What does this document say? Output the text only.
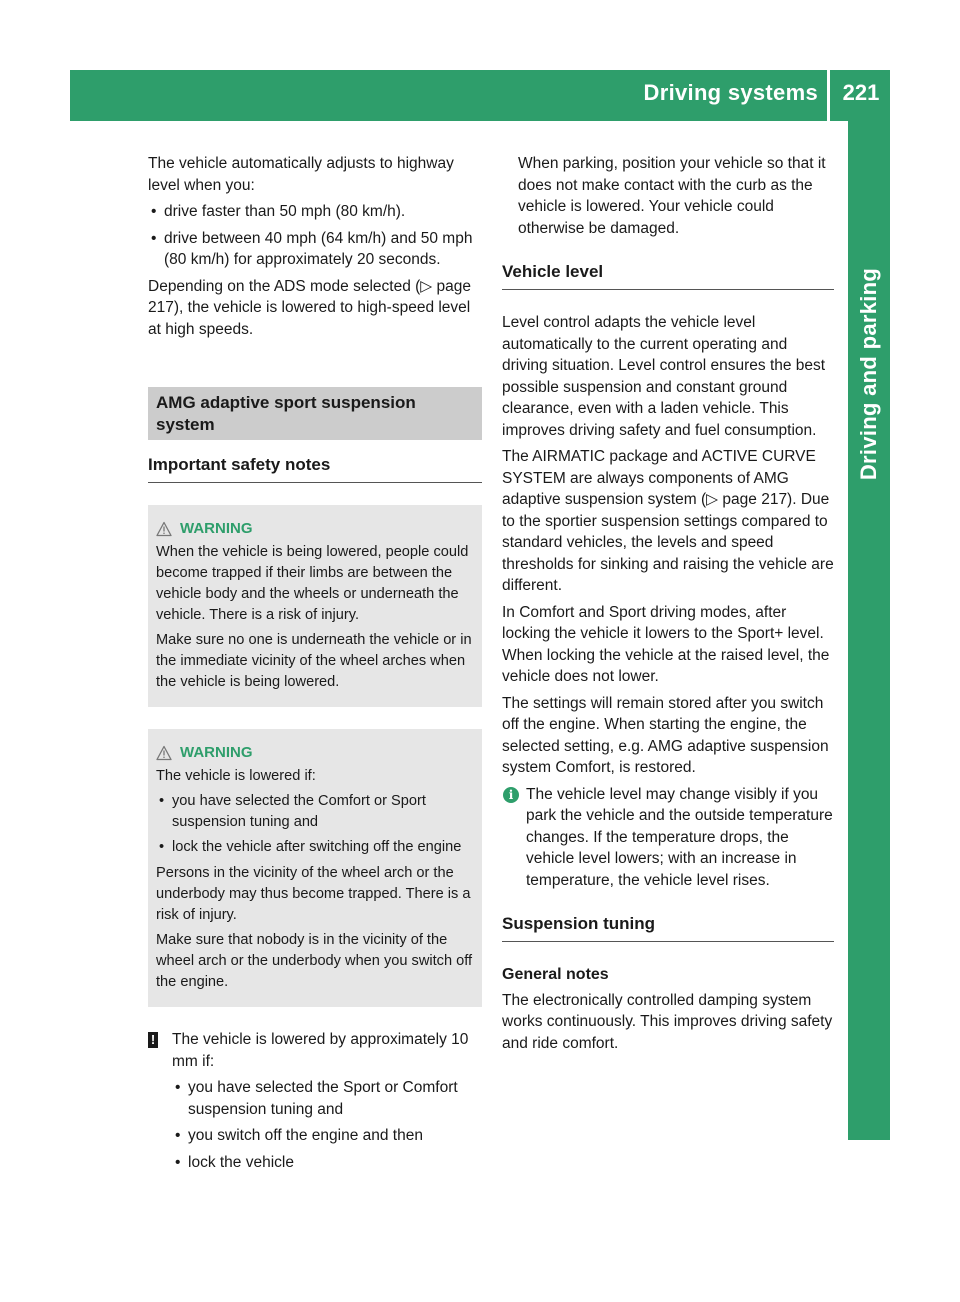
Driving systems	221
Driving and parking

The vehicle automatically adjusts to highway level when you:

• drive faster than 50 mph (80 km/h).
• drive between 40 mph (64 km/h) and 50 mph (80 km/h) for approximately 20 seconds.

Depending on the ADS mode selected (▷ page 217), the vehicle is lowered to high-speed level at high speeds.

AMG adaptive sport suspension system
Important safety notes
WARNING

When the vehicle is being lowered, people could become trapped if their limbs are between the vehicle body and the wheels or underneath the vehicle. There is a risk of injury.

Make sure no one is underneath the vehicle or in the immediate vicinity of the wheel arches when the vehicle is being lowered.

WARNING

The vehicle is lowered if:

• you have selected the Comfort or Sport suspension tuning and
• lock the vehicle after switching off the engine

Persons in the vicinity of the wheel arch or the underbody may thus become trapped. There is a risk of injury.

Make sure that nobody is in the vicinity of the wheel arch or the underbody when you switch off the engine.

! The vehicle is lowered by approximately 10 mm if:

• you have selected the Sport or Comfort suspension tuning and
• you switch off the engine and then
• lock the vehicle

When parking, position your vehicle so that it does not make contact with the curb as the vehicle is lowered. Your vehicle could otherwise be damaged.

Vehicle level

Level control adapts the vehicle level automatically to the current operating and driving situation. Level control ensures the best possible suspension and constant ground clearance, even with a laden vehicle. This improves driving safety and fuel consumption.

The AIRMATIC package and ACTIVE CURVE SYSTEM are always components of AMG adaptive suspension system (▷ page 217). Due to the sportier suspension settings compared to standard vehicles, the levels and speed thresholds for sinking and raising the vehicle are different.

In Comfort and Sport driving modes, after locking the vehicle it lowers to the Sport+ level. When locking the vehicle at the raised level, the vehicle does not lower.

The settings will remain stored after you switch off the engine. When starting the engine, the selected setting, e.g. AMG adaptive suspension system Comfort, is restored.

i The vehicle level may change visibly if you park the vehicle and the outside temperature changes. If the temperature drops, the vehicle level lowers; with an increase in temperature, the vehicle level rises.

Suspension tuning

General notes

The electronically controlled damping system works continuously. This improves driving safety and ride comfort.
